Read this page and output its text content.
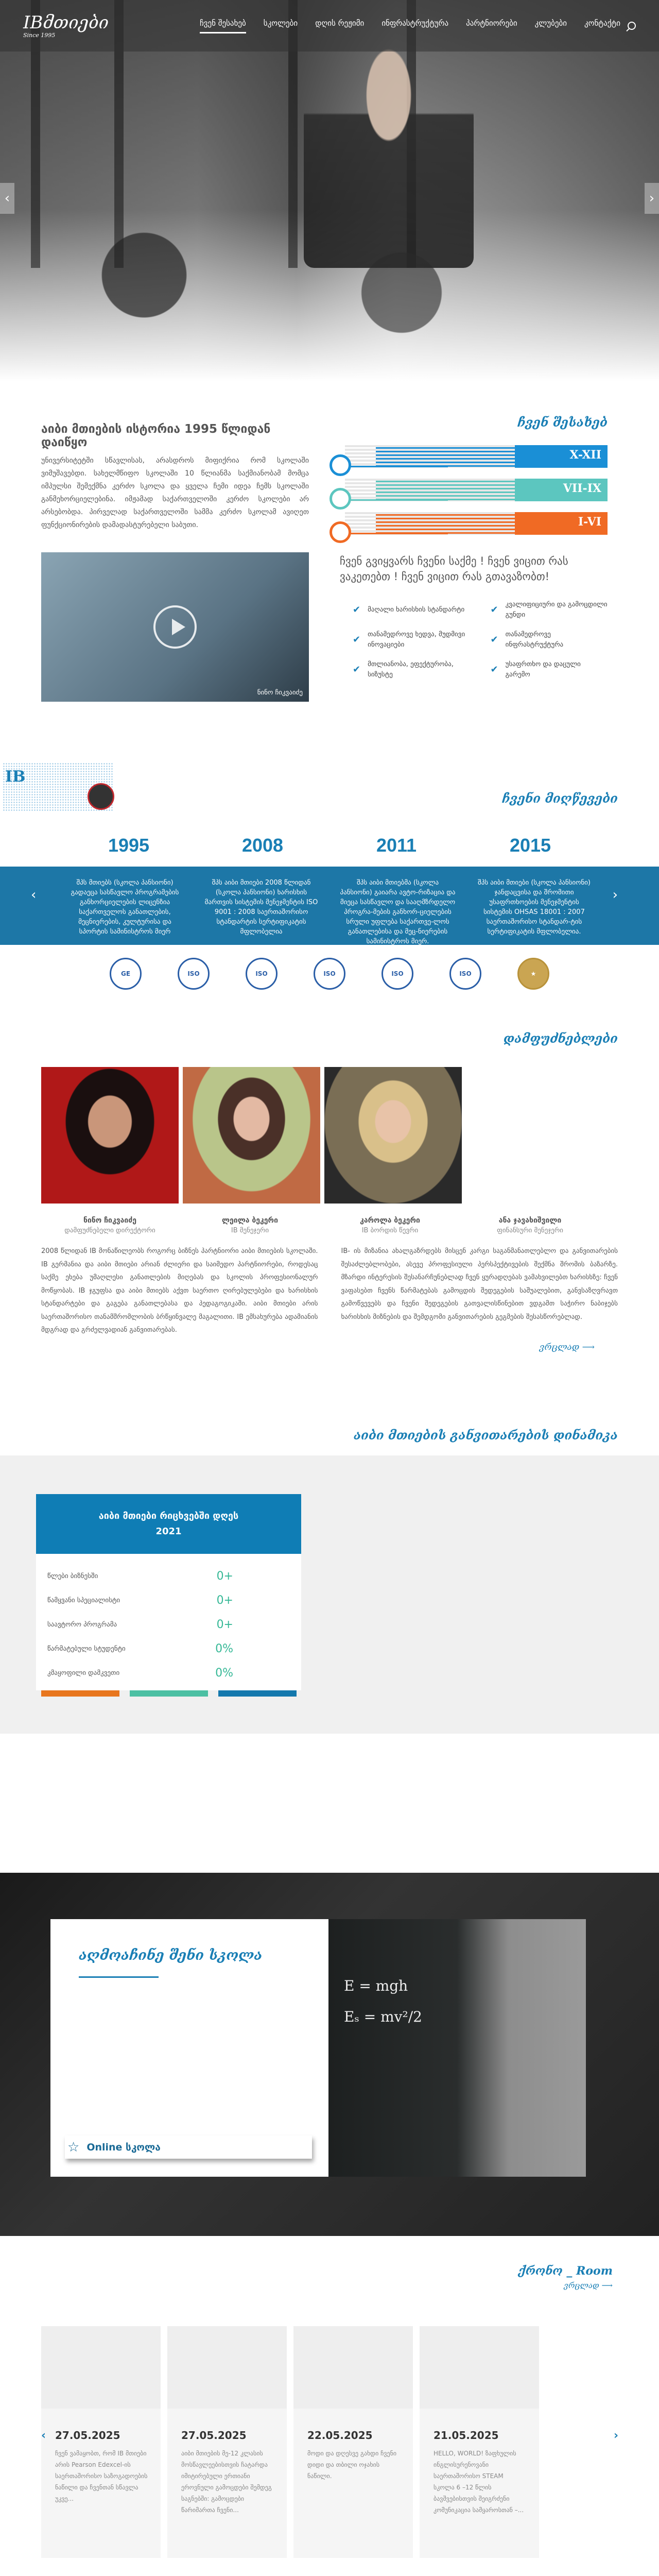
IBმთიები
Since 1995
ჩვენ შესახებ სკოლები დღის რეჟიმი ინფრასტრუქტურა პარტნიორები კლუბები კონტაქტი
‹	›
აიბი მთიების ისტორია 1995 წლიდან დაიწყო

უნივერსიტეტში სწავლისას, არასდროს მიფიქრია რომ სკოლაში ვიმუშავებდი. სახელმწიფო სკოლაში 10 წლიანმა საქმიანობამ მომცა იმპულსი შემექმნა კერძო სკოლა და ყველა ჩემი იდეა ჩემს სკოლაში განმეხორციელებინა. იმჟამად საქართველოში კერძო სკოლები არ არსებობდა. პირველად საქართველოში სამმა კერძო სკოლამ ავიღეთ ფუნქციონირების დამადასტურებელი საბუთი.

ნინო ჩიკვაიძე
ჩვენ შესახებ
X-XII
VII-IX
I-VI
ჩვენ გვიყვარს ჩვენი საქმე ! ჩვენ ვიცით რას ვაკეთებთ ! ჩვენ ვიცით რას გთავაზობთ!
✔ მაღალი ხარისხის სტანდარტი	✔ კვალიფიციური და გამოცდილი გუნდი
✔ თანამედროვე ხედვა, მუდმივი ინოვაციები	✔ თანამედროვე ინფრასტრუქტურა
✔ მთლიანობა, ეფექტურობა, სიზუსტე	✔ უსაფრთხო და დაცული გარემო
IB
ჩვენი მიღწევები
1995	2008	2011	2015
‹
შპს მთიებს (სკოლა პანსიონი) გადაეცა სასწავლო პროგრამების განხორციელების ლიცენზია საქართველოს განათლების, მეცნიერების, კულტურისა და სპორტის სამინისტროს მიერ
შპს აიბი მთიები 2008 წლიდან (სკოლა პანსიონი) ხარისხის მართვის სისტემის მენეჯმენტის ISO 9001 : 2008 საერთაშორისო სტანდარტის სერტიფიკატის მფლობელია
შპს აიბი მთიებმა (სკოლა პანსიონი) გაიარა ავტო-რიზაცია და მიეცა სასწავლო და სააღმზრდელო პროგრა-მების განხორ-ციელების სრული უფლება საქართვე-ლოს განათლებისა და მეც-ნიერების სამინისტროს მიერ.
შპს აიბი მთიები (სკოლა პანსიონი) ჯანდაცვისა და შრომითი უსაფრთხოების მენეჯმენტის სისტემის OHSAS 18001 : 2007 საერთაშორისო სტანდარ-ტის სერტიფიკატის მფლობელია.
›
GE	ISO	ISO	ISO	ISO	ISO	★
დამფუძნებლები
ნინო ჩიკვაიძე
დამფუძნებელი დირექტორი
ლეილა ბეკერი
IB მენეჯერი
კაროლა ბეკერი
IB ბორდის წევრი
ანა ჯავახიშვილი
ფინანსური მენეჯერი

2008 წლიდან IB მონაწილეობს როგორც ბიზნეს პარტნიორი აიბი მთიების სკოლაში. IB გერმანია და აიბი მთიები არიან ძლიერი და საიმედო პარტნიორები, როდესაც საქმე ეხება უმაღლესი განათლების მიღებას და სკოლის პროფესიონალურ მოწყობას. IB ჯგუფსა და აიბი მთიებს აქვთ საერთო ღირებულებები და ხარისხის სტანდარტები და გაგება განათლებასა და პედაგოგიკაში. აიბი მთიები არის საერთაშორისო თანამშრომლობის ბრწყინვალე მაგალითი. IB ემსახურება ადამიანის მდგრად და გრძელვადიან განვითარებას.

IB- ის მიზანია ახალგაზრდებს მისცენ კარგი საგანმანათლებლო და განვითარების შესაძლებლობები, ასევე პროფესიული პერსპექტივების შექმნა შრომის ბაზარზე. მზარდი ინტერესის შესანარჩუნებლად ჩვენ ყურადღებას ვამახვილებთ ხარისხზე: ჩვენ ვაფასებთ ჩვენს წარმატებას გამოცდის შედეგების საშუალებით, განვსაზღვრავთ გამოწვევებს და ჩვენი შედეგების გათვალისწინებით ვდგამთ საჭირო ნაბიჯებს ხარისხის მიზნების და შემდგომი განვითარების გეგმების შესასწორებლად.

ვრცლად ⟶
აიბი მთიების განვითარების დინამიკა
აიბი მთიები რიცხვებში დღეს
2021
წლები ბიზნესში	0+
წამყვანი სპეციალისტი	0+
საავტორო პროგრამა	0+
წარმატებული სტუდენტი	0%
კმაყოფილი დამკვეთი	0%
აღმოაჩინე შენი სკოლა
☆ Online სკოლა
E = mgh
Eₛ = mv²/2
ქრონო _ Room
ვრცლად ⟶
‹ 27.05.2025
ჩვენ ვამაყობთ, რომ IB მთიები არის Pearson Edexcel-ის საერთაშორისო საზოგადოების ნაწილი და ჩვენთან სწავლა უკვე...
27.05.2025
აიბი მთიების მე-12 კლასის მოსწავლეებისთვის ჩატარდა იმიტირებული ერთიანი ეროვნული გამოცდები შემდეგ საგნებში: გამოცდები წარიმართა ჩვენი...
22.05.2025
მოდი და დღესვე გახდი ჩვენი დიდი და თბილი ოჯახის ნაწილი.
21.05.2025
HELLO, WORLD! ზაფხულის ინგლისურენოვანი საერთაშორისო STEAM სკოლა 6 –12 წლის ბავშვებისთვის შეიგრძენი კომუნიკაცია სამყაროსთან –...
›
